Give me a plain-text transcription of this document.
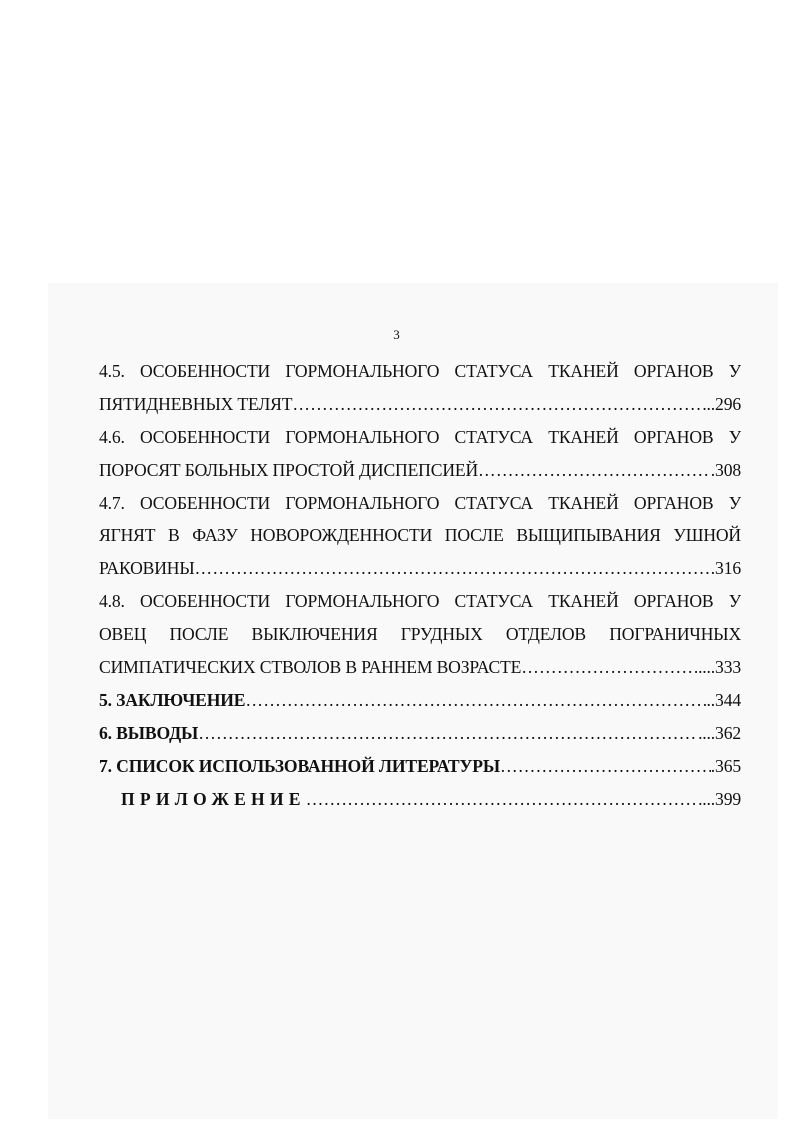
3
4.5. ОСОБЕННОСТИ ГОРМОНАЛЬНОГО СТАТУСА ТКАНЕЙ ОРГАНОВ У
ПЯТИДНЕВНЫХ ТЕЛЯТ ……………………………………………………………………………………………………………………………………………………………………………………	..296
4.6. ОСОБЕННОСТИ ГОРМОНАЛЬНОГО СТАТУСА ТКАНЕЙ ОРГАНОВ У
ПОРОСЯТ БОЛЬНЫХ ПРОСТОЙ ДИСПЕПСИЕЙ ……………………………………………………………………………………………………………………………………………………………………………………	.308
4.7. ОСОБЕННОСТИ ГОРМОНАЛЬНОГО СТАТУСА ТКАНЕЙ ОРГАНОВ У
ЯГНЯТ В ФАЗУ НОВОРОЖДЕННОСТИ ПОСЛЕ ВЫЩИПЫВАНИЯ УШНОЙ
РАКОВИНЫ ……………………………………………………………………………………………………………………………………………………………………………………	.316
4.8. ОСОБЕННОСТИ ГОРМОНАЛЬНОГО СТАТУСА ТКАНЕЙ ОРГАНОВ У
ОВЕЦ ПОСЛЕ ВЫКЛЮЧЕНИЯ ГРУДНЫХ ОТДЕЛОВ ПОГРАНИЧНЫХ
СИМПАТИЧЕСКИХ СТВОЛОВ В РАННЕМ ВОЗРАСТЕ ……………………………………………………………………………………………………………………………………………………………………………………	....333
5. ЗАКЛЮЧЕНИЕ ……………………………………………………………………………………………………………………………………………………………………………………	..344
6. ВЫВОДЫ ……………………………………………………………………………………………………………………………………………………………………………………	....362
7. СПИСОК ИСПОЛЬЗОВАННОЙ ЛИТЕРАТУРЫ ……………………………………………………………………………………………………………………………………………………………………………………	.365
ПРИЛОЖЕНИЕ ……………………………………………………………………………………………………………………………………………………………………………………	....399
